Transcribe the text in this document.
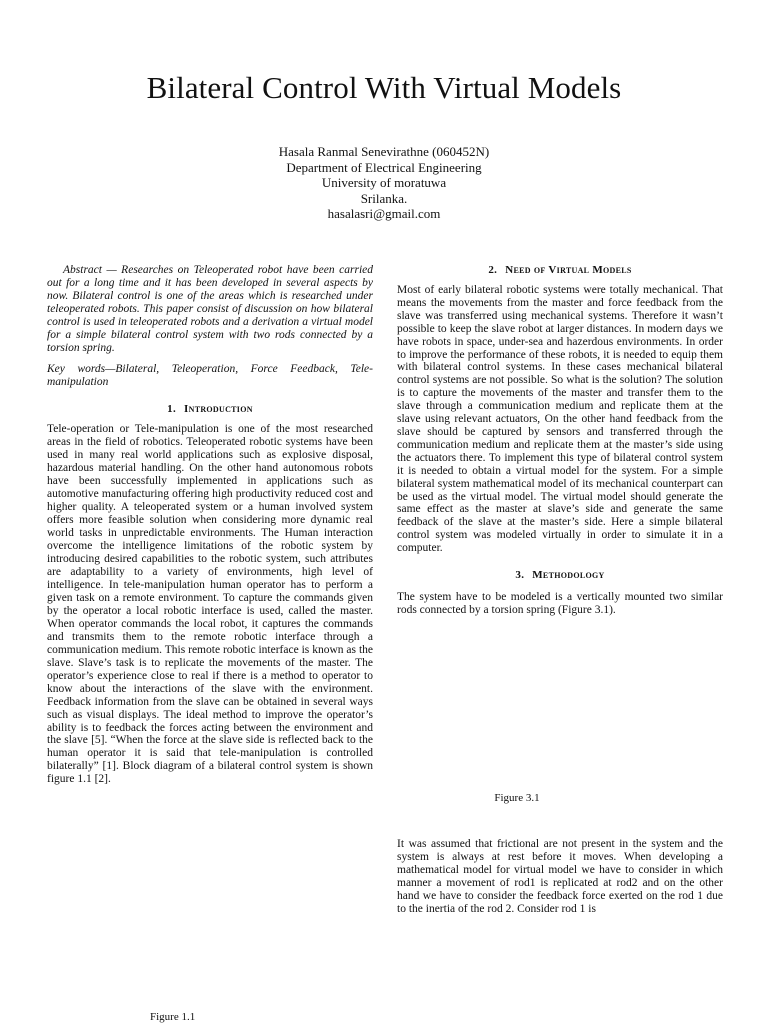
Bilateral Control With Virtual Models
Hasala Ranmal Senevirathne (060452N)
Department of Electrical Engineering
University of moratuwa
Srilanka.
hasalasri@gmail.com

Abstract — Researches on Teleoperated robot have been carried out for a long time and it has been developed in several aspects by now. Bilateral control is one of the areas which is researched under teleoperated robots. This paper consist of discussion on how bilateral control is used in teleoperated robots and a derivation a virtual model for a simple bilateral control system with two rods connected by a torsion spring.

Key words—Bilateral, Teleoperation, Force Feedback, Tele-manipulation

1. Introduction

Tele-operation or Tele-manipulation is one of the most researched areas in the field of robotics. Teleoperated robotic systems have been used in many real world applications such as explosive disposal, hazardous material handling. On the other hand autonomous robots have been successfully implemented in applications such as automotive manufacturing offering high productivity reduced cost and higher quality. A teleoperated system or a human involved system offers more feasible solution when considering more dynamic real world tasks in unpredictable environments. The Human interaction overcome the intelligence limitations of the robotic system by introducing desired capabilities to the robotic system, such attributes are adaptability to a variety of environments, high level of intelligence. In tele-manipulation human operator has to perform a given task on a remote environment. To capture the commands given by the operator a local robotic interface is used, called the master. When operator commands the local robot, it captures the commands and transmits them to the remote robotic interface through a communication medium. This remote robotic interface is known as the slave. Slave’s task is to replicate the movements of the master. The operator’s experience close to real if there is a method to operator to know about the interactions of the slave with the environment. Feedback information from the slave can be obtained in several ways such as visual displays. The ideal method to improve the operator’s ability is to feedback the forces acting between the environment and the slave [5]. “When the force at the slave side is reflected back to the human operator it is said that tele-manipulation is controlled bilaterally” [1]. Block diagram of a bilateral control system is shown figure 1.1 [2].

2. Need of Virtual Models

Most of early bilateral robotic systems were totally mechanical. That means the movements from the master and force feedback from the slave was transferred using mechanical systems. Therefore it wasn’t possible to keep the slave robot at larger distances. In modern days we have robots in space, under-sea and hazerdous environments. In order to improve the performance of these robots, it is needed to equip them with bilateral control systems. In these cases mechanical bilateral control systems are not possible. So what is the solution? The solution is to capture the movements of the master and transfer them to the slave through a communication medium and replicate them at the slave using relevant actuators, On the other hand feedback from the slave should be captured by sensors and transferred through the communication medium and replicate them at the master’s side using the actuators there. To implement this type of bilateral control system it is needed to obtain a virtual model for the system. For a simple bilateral system mathematical model of its mechanical counterpart can be used as the virtual model. The virtual model should generate the same effect as the master at slave’s side and generate the same feedback of the slave at the master’s side. Here a simple bilateral control system was modeled virtually in order to simulate it in a computer.

3. Methodology

The system have to be modeled is a vertically mounted two similar rods connected by a torsion spring (Figure 3.1).

Figure 3.1

It was assumed that frictional are not present in the system and the system is always at rest before it moves. When developing a mathematical model for virtual model we have to consider in which manner a movement of rod1 is replicated at rod2 and on the other hand we have to consider the feedback force exerted on the rod 1 due to the inertia of the rod 2. Consider rod 1 is

Figure 1.1
